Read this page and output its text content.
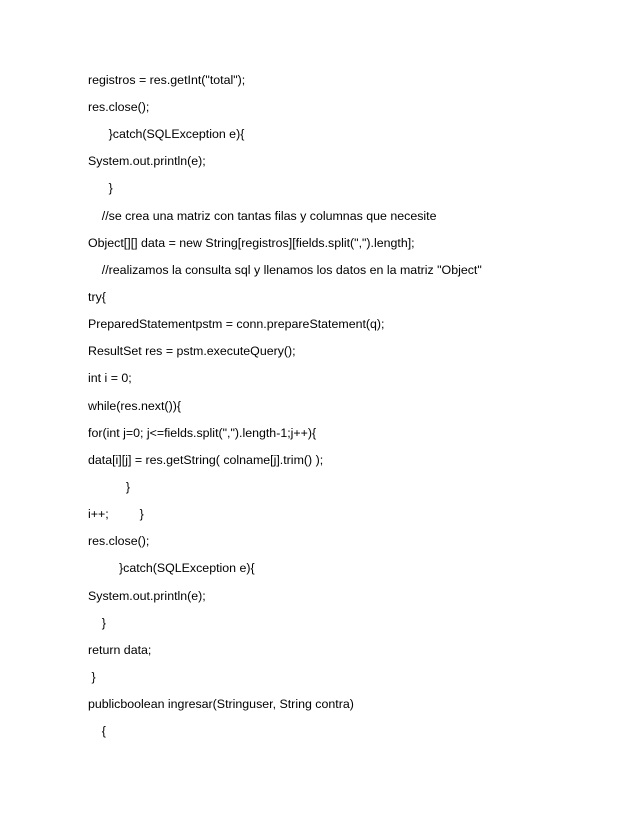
registros = res.getInt("total");
res.close();
}catch(SQLException e){
System.out.println(e);
}
//se crea una matriz con tantas filas y columnas que necesite
Object[][] data = new String[registros][fields.split(",").length];
//realizamos la consulta sql y llenamos los datos en la matriz "Object"
try{
PreparedStatementpstm = conn.prepareStatement(q);
ResultSet res = pstm.executeQuery();
int i = 0;
while(res.next()){
for(int j=0; j<=fields.split(",").length-1;j++){
data[i][j] = res.getString( colname[j].trim() );
}
i++;         }
res.close();
}catch(SQLException e){
System.out.println(e);
}
return data;
}
publicboolean ingresar(Stringuser, String contra)
{
